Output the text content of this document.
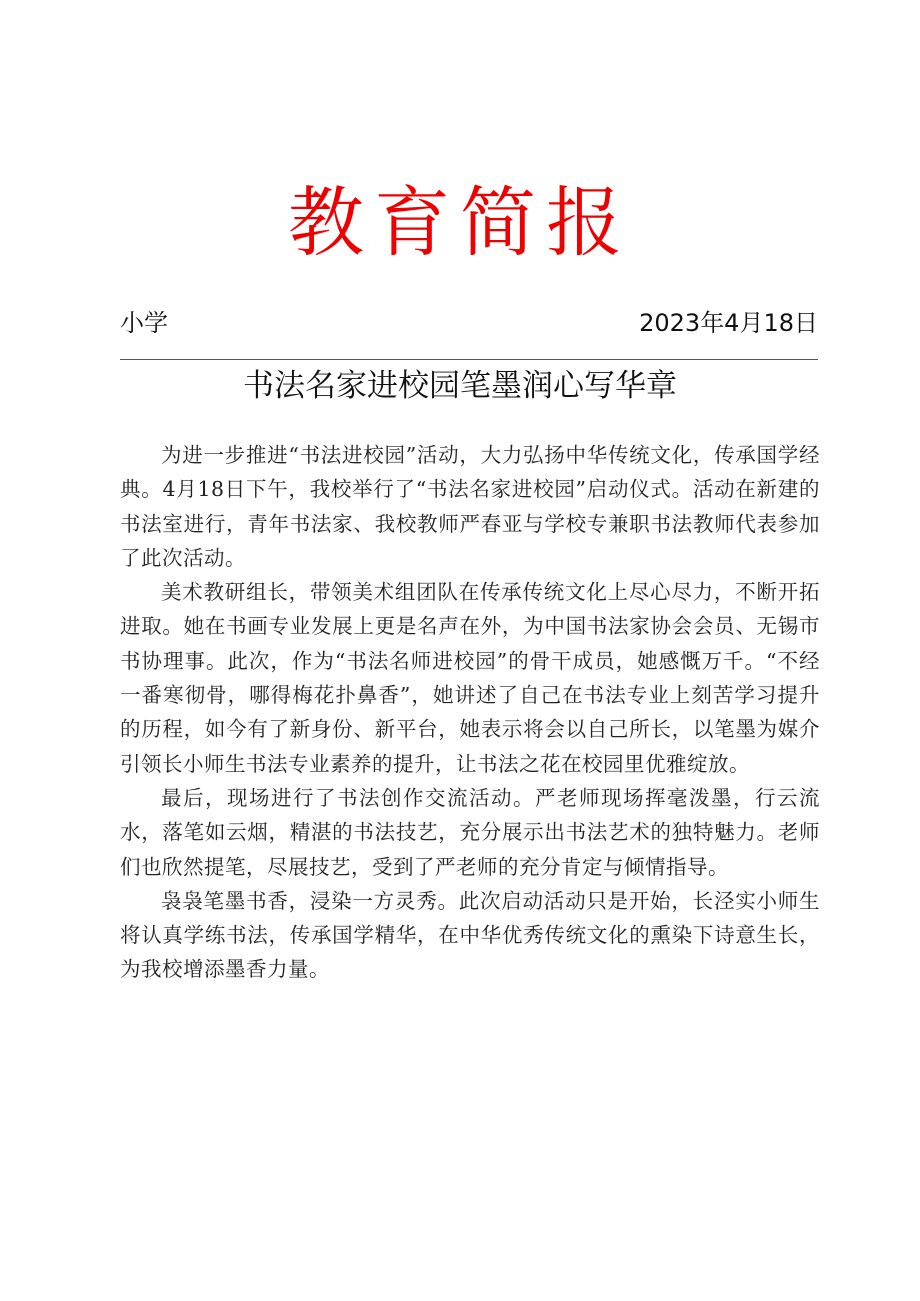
教育简报
小学	2023年4月18日
书法名家进校园笔墨润心写华章

为进一步推进“书法进校园”活动，大力弘扬中华传统文化，传承国学经典。4月18日下午，我校举行了“书法名家进校园”启动仪式。活动在新建的书法室进行，青年书法家、我校教师严春亚与学校专兼职书法教师代表参加了此次活动。

美术教研组长，带领美术组团队在传承传统文化上尽心尽力，不断开拓进取。她在书画专业发展上更是名声在外，为中国书法家协会会员、无锡市书协理事。此次，作为“书法名师进校园”的骨干成员，她感慨万千。“不经一番寒彻骨，哪得梅花扑鼻香”，她讲述了自己在书法专业上刻苦学习提升的历程，如今有了新身份、新平台，她表示将会以自己所长，以笔墨为媒介引领长小师生书法专业素养的提升，让书法之花在校园里优雅绽放。

最后，现场进行了书法创作交流活动。严老师现场挥毫泼墨，行云流水，落笔如云烟，精湛的书法技艺，充分展示出书法艺术的独特魅力。老师们也欣然提笔，尽展技艺，受到了严老师的充分肯定与倾情指导。

袅袅笔墨书香，浸染一方灵秀。此次启动活动只是开始，长泾实小师生将认真学练书法，传承国学精华，在中华优秀传统文化的熏染下诗意生长，为我校增添墨香力量。
